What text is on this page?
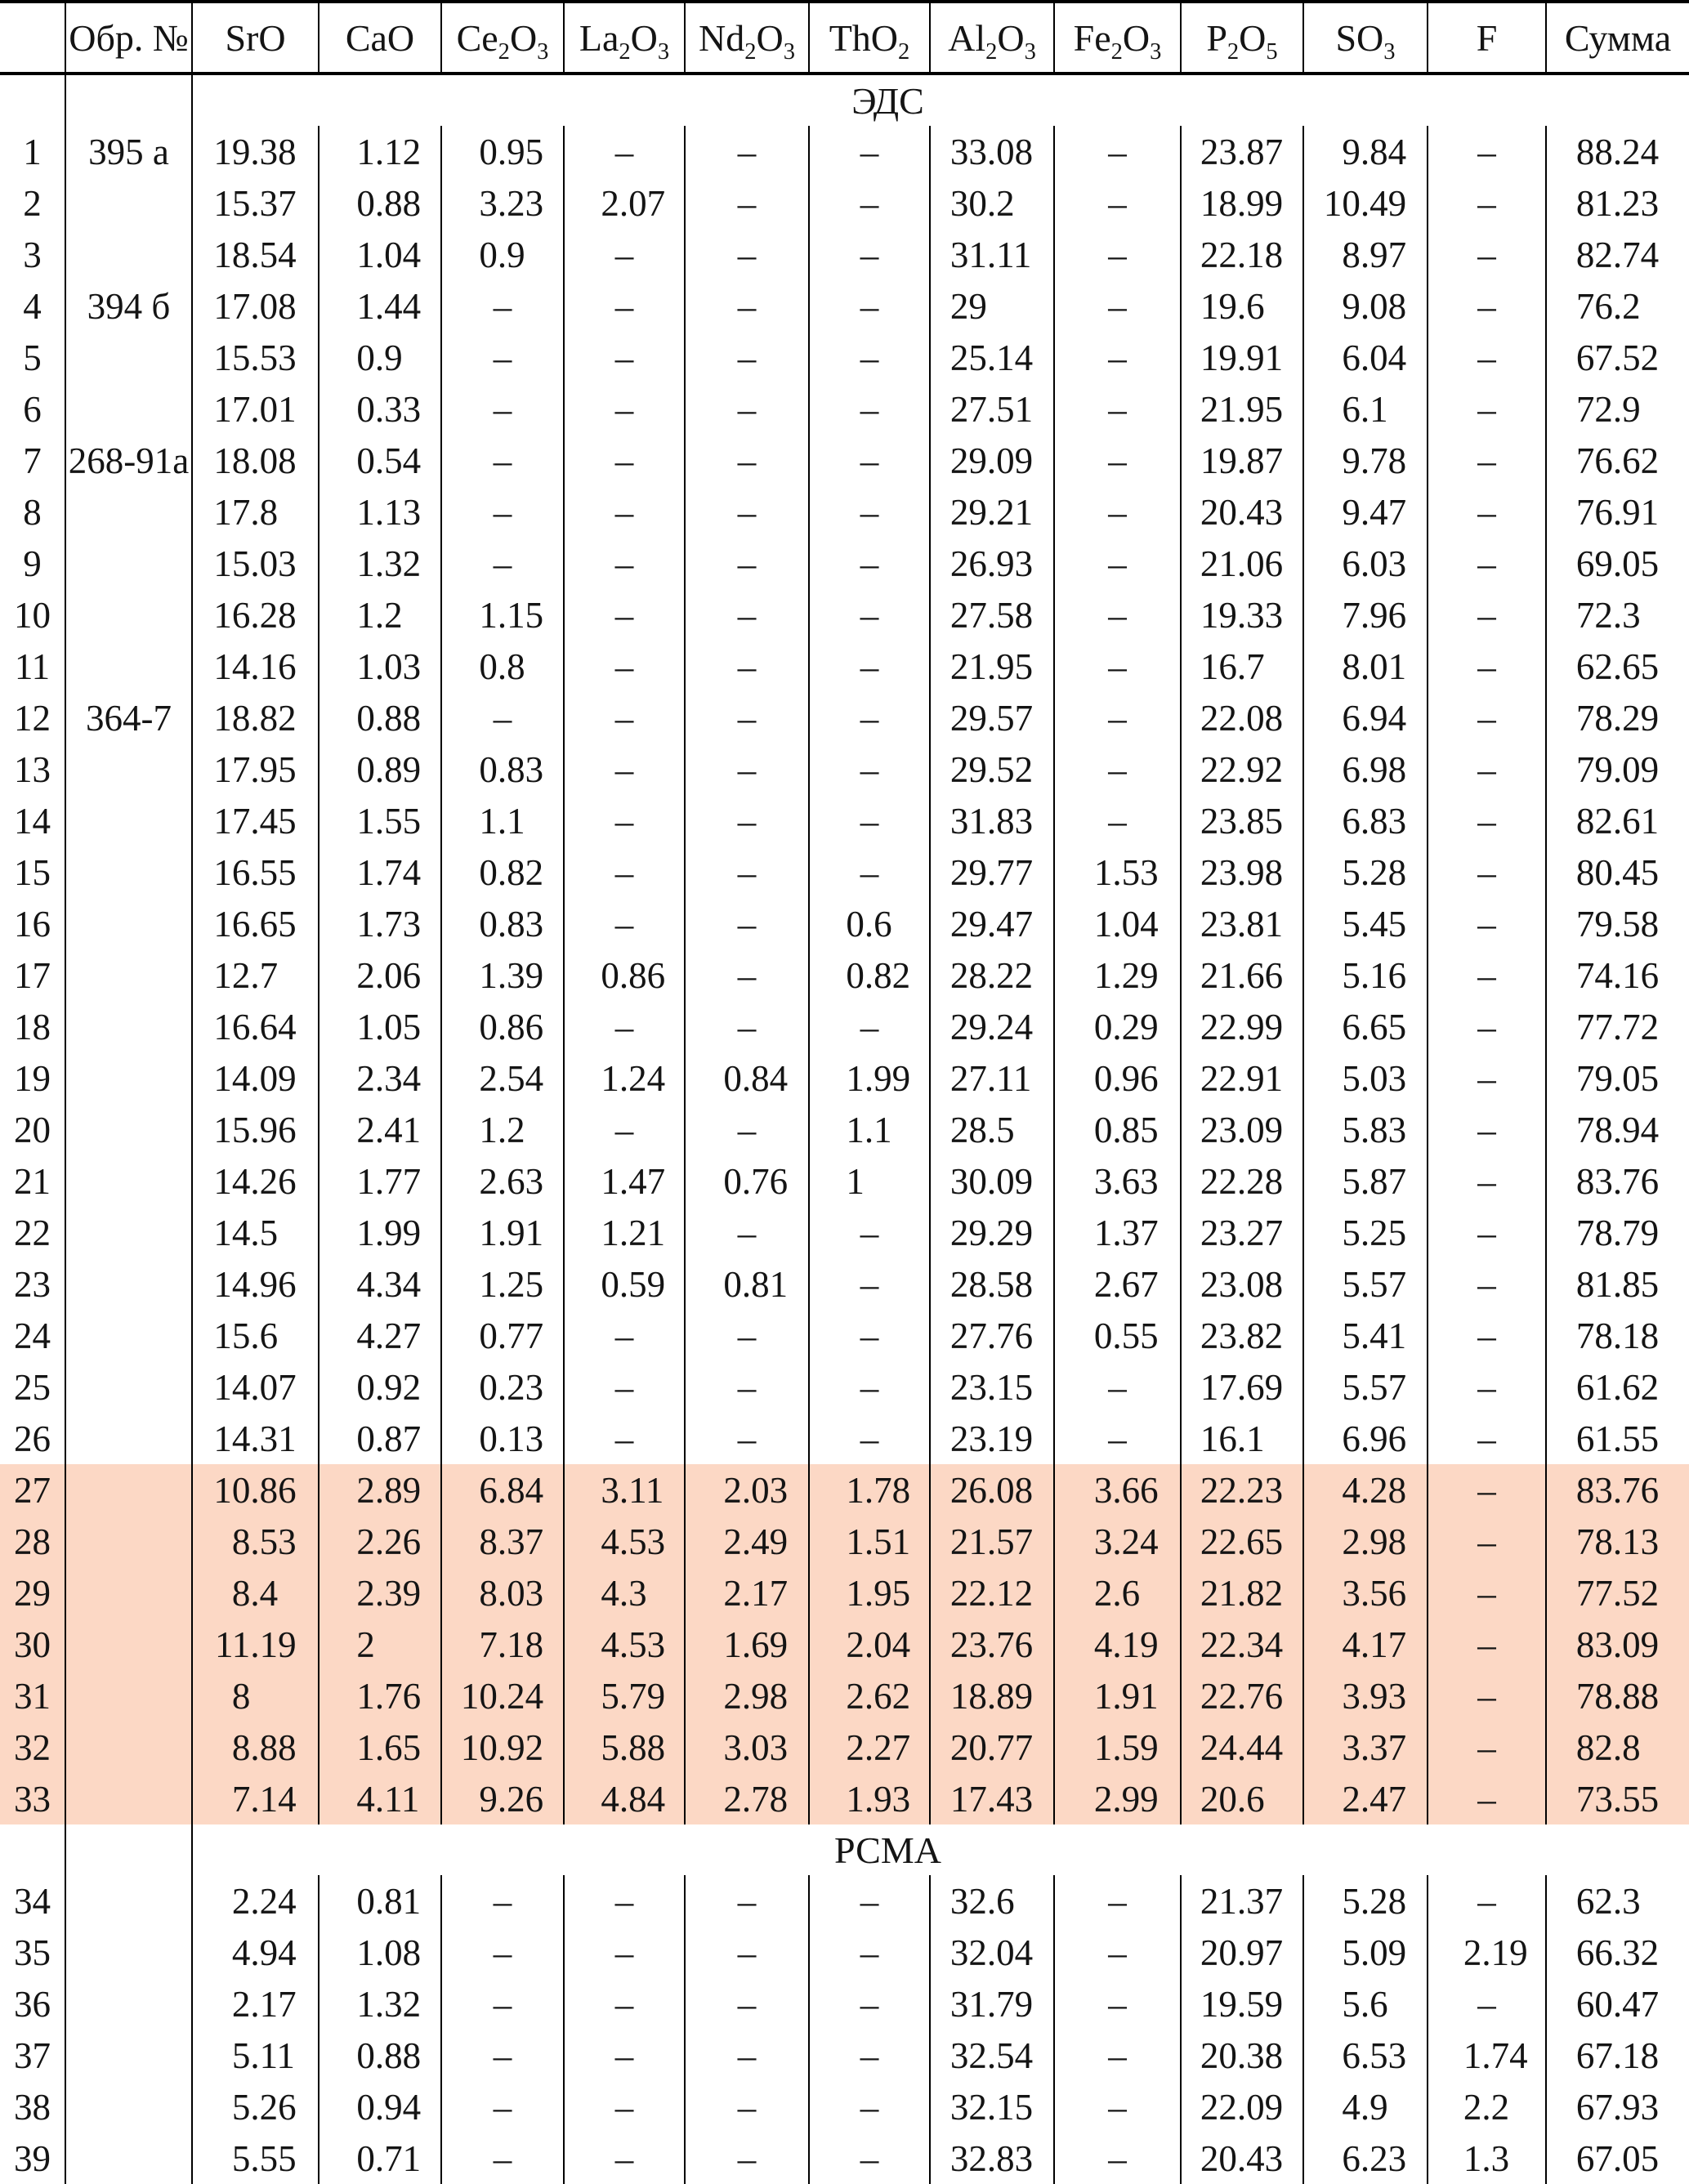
	Обр. №	SrO	CaO	$Ce_2O_3$	$La_2O_3$	$Nd_2O_3$	ThO$_2$	$Al_2O_3$	$Fe_2O_3$	$P_2O_5$	$SO_3$	F	Сумма
		ЭДС											
1	395 а	19.38	1.12	0.95	–	–	–	33.08	–	23.87	9.84	–	88.24
2		15.37	0.88	3.23	2.07	–	–	30.2	–	18.99	10.49	–	81.23
3		18.54	1.04	0.9	–	–	–	31.11	–	22.18	8.97	–	82.74
4	394 б	17.08	1.44	–	–	–	–	29	–	19.6	9.08	–	76.2
5		15.53	0.9	–	–	–	–	25.14	–	19.91	6.04	–	67.52
6		17.01	0.33	–	–	–	–	27.51	–	21.95	6.1	–	72.9
7	268-91а	18.08	0.54	–	–	–	–	29.09	–	19.87	9.78	–	76.62
8		17.8	1.13	–	–	–	–	29.21	–	20.43	9.47	–	76.91
9		15.03	1.32	–	–	–	–	26.93	–	21.06	6.03	–	69.05
10		16.28	1.2	1.15	–	–	–	27.58	–	19.33	7.96	–	72.3
11		14.16	1.03	0.8	–	–	–	21.95	–	16.7	8.01	–	62.65
12	364-7	18.82	0.88	–	–	–	–	29.57	–	22.08	6.94	–	78.29
13		17.95	0.89	0.83	–	–	–	29.52	–	22.92	6.98	–	79.09
14		17.45	1.55	1.1	–	–	–	31.83	–	23.85	6.83	–	82.61
15		16.55	1.74	0.82	–	–	–	29.77	1.53	23.98	5.28	–	80.45
16		16.65	1.73	0.83	–	–	0.6	29.47	1.04	23.81	5.45	–	79.58
17		12.7	2.06	1.39	0.86	–	0.82	28.22	1.29	21.66	5.16	–	74.16
18		16.64	1.05	0.86	–	–	–	29.24	0.29	22.99	6.65	–	77.72
19		14.09	2.34	2.54	1.24	0.84	1.99	27.11	0.96	22.91	5.03	–	79.05
20		15.96	2.41	1.2	–	–	1.1	28.5	0.85	23.09	5.83	–	78.94
21		14.26	1.77	2.63	1.47	0.76	1	30.09	3.63	22.28	5.87	–	83.76
22		14.5	1.99	1.91	1.21	–	–	29.29	1.37	23.27	5.25	–	78.79
23		14.96	4.34	1.25	0.59	0.81	–	28.58	2.67	23.08	5.57	–	81.85
24		15.6	4.27	0.77	–	–	–	27.76	0.55	23.82	5.41	–	78.18
25		14.07	0.92	0.23	–	–	–	23.15	–	17.69	5.57	–	61.62
26		14.31	0.87	0.13	–	–	–	23.19	–	16.1	6.96	–	61.55
27		10.86	2.89	6.84	3.11	2.03	1.78	26.08	3.66	22.23	4.28	–	83.76
28		8.53	2.26	8.37	4.53	2.49	1.51	21.57	3.24	22.65	2.98	–	78.13
29		8.4	2.39	8.03	4.3	2.17	1.95	22.12	2.6	21.82	3.56	–	77.52
30		11.19	2	7.18	4.53	1.69	2.04	23.76	4.19	22.34	4.17	–	83.09
31		8	1.76	10.24	5.79	2.98	2.62	18.89	1.91	22.76	3.93	–	78.88
32		8.88	1.65	10.92	5.88	3.03	2.27	20.77	1.59	24.44	3.37	–	82.8
33		7.14	4.11	9.26	4.84	2.78	1.93	17.43	2.99	20.6	2.47	–	73.55
		РСМА											
34		2.24	0.81	–	–	–	–	32.6	–	21.37	5.28	–	62.3
35		4.94	1.08	–	–	–	–	32.04	–	20.97	5.09	2.19	66.32
36		2.17	1.32	–	–	–	–	31.79	–	19.59	5.6	–	60.47
37		5.11	0.88	–	–	–	–	32.54	–	20.38	6.53	1.74	67.18
38		5.26	0.94	–	–	–	–	32.15	–	22.09	4.9	2.2	67.93
39		5.55	0.71	–	–	–	–	32.83	–	20.43	6.23	1.3	67.05
